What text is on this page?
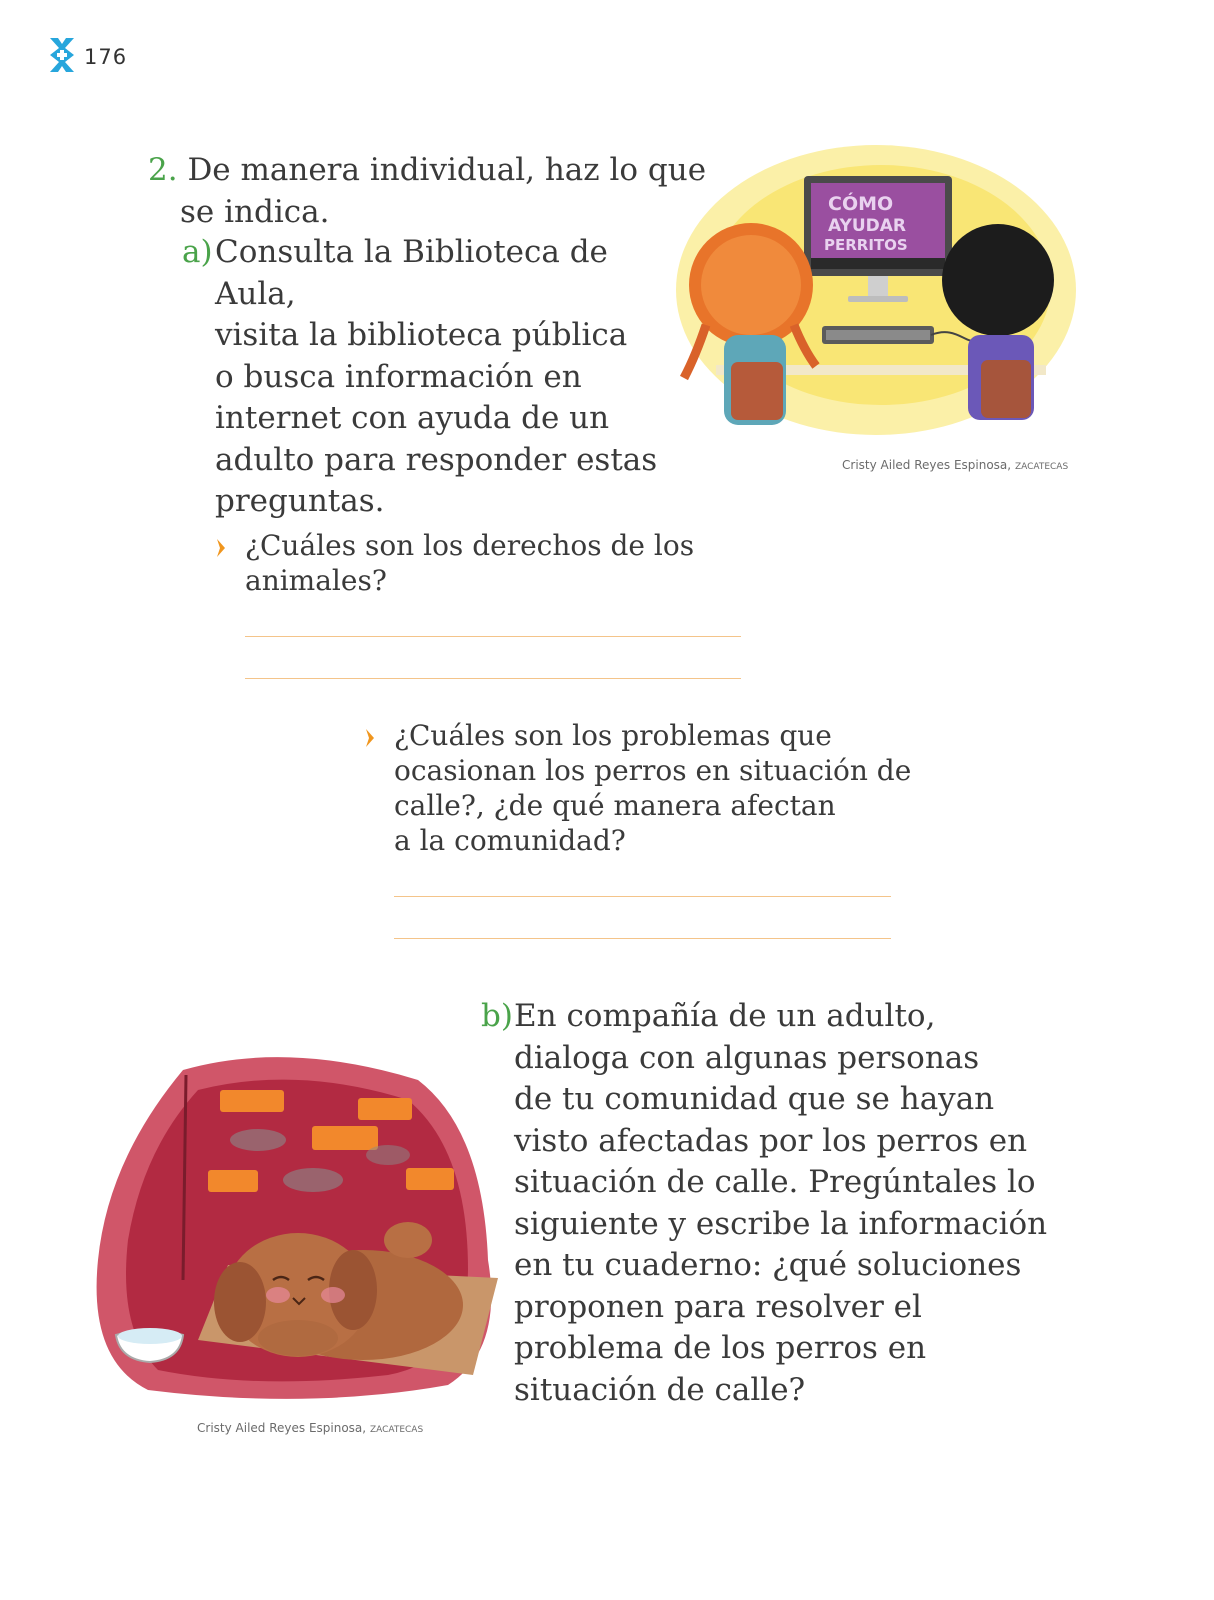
176
2. De manera individual, haz lo que
se indica.
a) Consulta la Biblioteca de Aula,
visita la biblioteca pública
o busca información en
internet con ayuda de un
adulto para responder estas
preguntas.
CÓMO
AYUDAR
PERRITOS
Cristy Ailed Reyes Espinosa, ZACATECAS
¿Cuáles son los derechos de los
animales?
¿Cuáles son los problemas que
ocasionan los perros en situación de
calle?, ¿de qué manera afectan
a la comunidad?
Cristy Ailed Reyes Espinosa, ZACATECAS
b) En compañía de un adulto,
dialoga con algunas personas
de tu comunidad que se hayan
visto afectadas por los perros en
situación de calle. Pregúntales lo
siguiente y escribe la información
en tu cuaderno: ¿qué soluciones
proponen para resolver el
problema de los perros en
situación de calle?
